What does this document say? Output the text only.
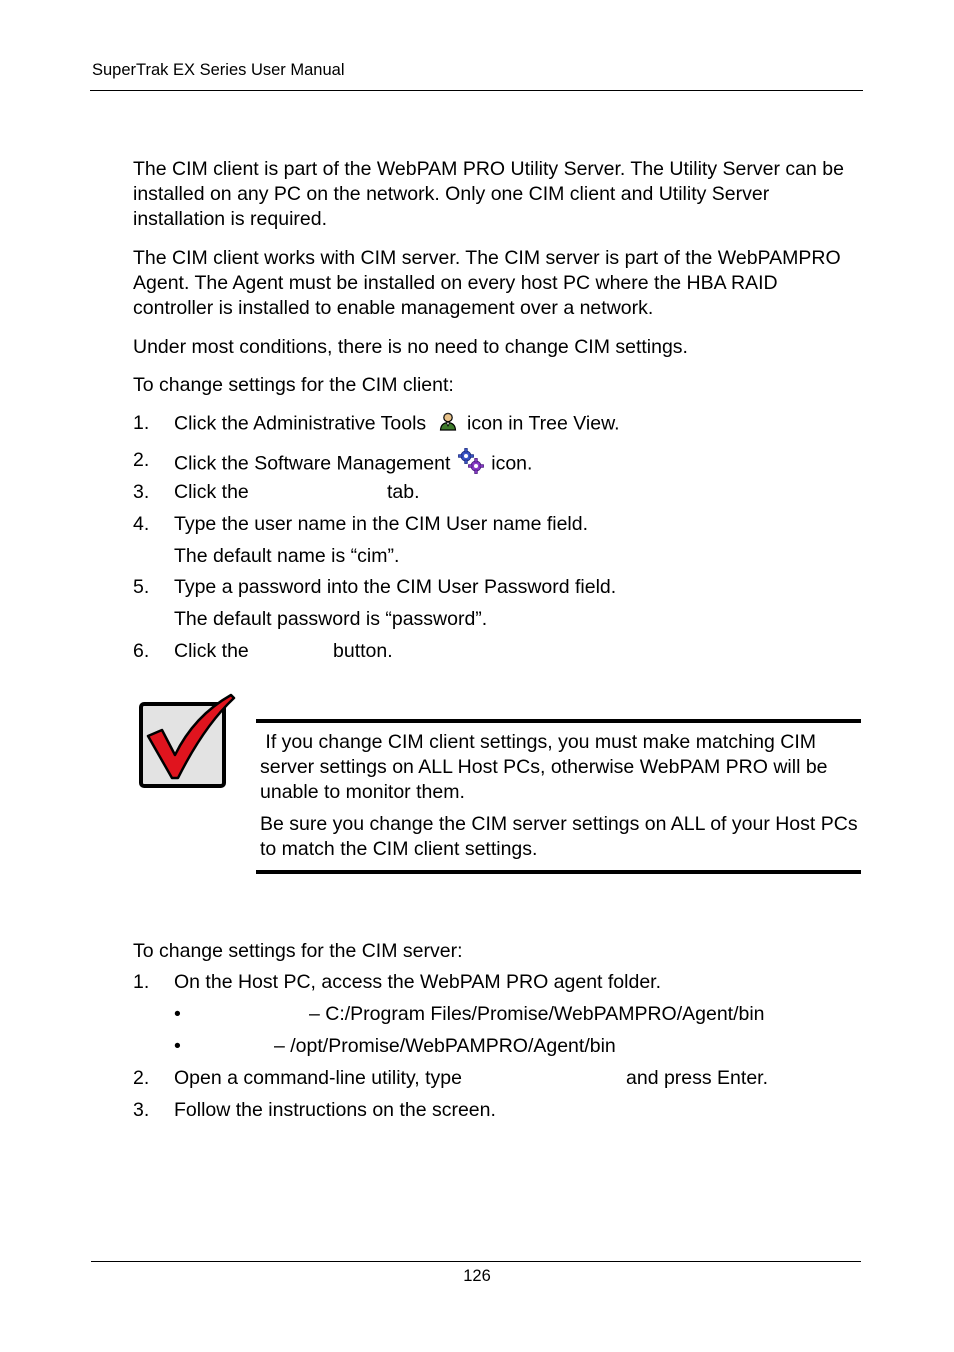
SuperTrak EX Series User Manual
The CIM client is part of the WebPAM PRO Utility Server. The Utility Server can be installed on any PC on the network. Only one CIM client and Utility Server installation is required.
The CIM client works with CIM server. The CIM server is part of the WebPAMPRO Agent. The Agent must be installed on every host PC where the HBA RAID controller is installed to enable management over a network.
Under most conditions, there is no need to change CIM settings.
To change settings for the CIM client:
1. Click the Administrative Tools icon in Tree View.
2. Click the Software Management icon.
3. Click the	tab.
4. Type the user name in the CIM User name field.
The default name is “cim”.
5. Type a password into the CIM User Password field.
The default password is “password”.
6. Click the	button.
If you change CIM client settings, you must make matching CIM server settings on ALL Host PCs, otherwise WebPAM PRO will be unable to monitor them.
Be sure you change the CIM server settings on ALL of your Host PCs to match the CIM client settings.
To change settings for the CIM server:
1. On the Host PC, access the WebPAM PRO agent folder.
•	– C:/Program Files/Promise/WebPAMPRO/Agent/bin
•	– /opt/Promise/WebPAMPRO/Agent/bin
2. Open a command-line utility, type	and press Enter.
3. Follow the instructions on the screen.
126
